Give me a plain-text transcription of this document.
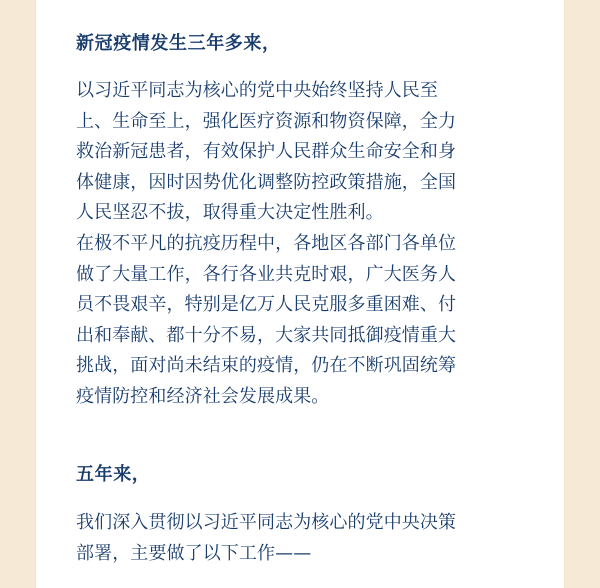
新冠疫情发生三年多来，
以习近平同志为核心的党中央始终坚持人民至
上、生命至上，强化医疗资源和物资保障，全力
救治新冠患者，有效保护人民群众生命安全和身
体健康，因时因势优化调整防控政策措施，全国
人民坚忍不拔，取得重大决定性胜利。
在极不平凡的抗疫历程中，各地区各部门各单位
做了大量工作，各行各业共克时艰，广大医务人
员不畏艰辛，特别是亿万人民克服多重困难、付
出和奉献、都十分不易，大家共同抵御疫情重大
挑战，面对尚未结束的疫情，仍在不断巩固统筹
疫情防控和经济社会发展成果。
五年来，
我们深入贯彻以习近平同志为核心的党中央决策
部署，主要做了以下工作——
